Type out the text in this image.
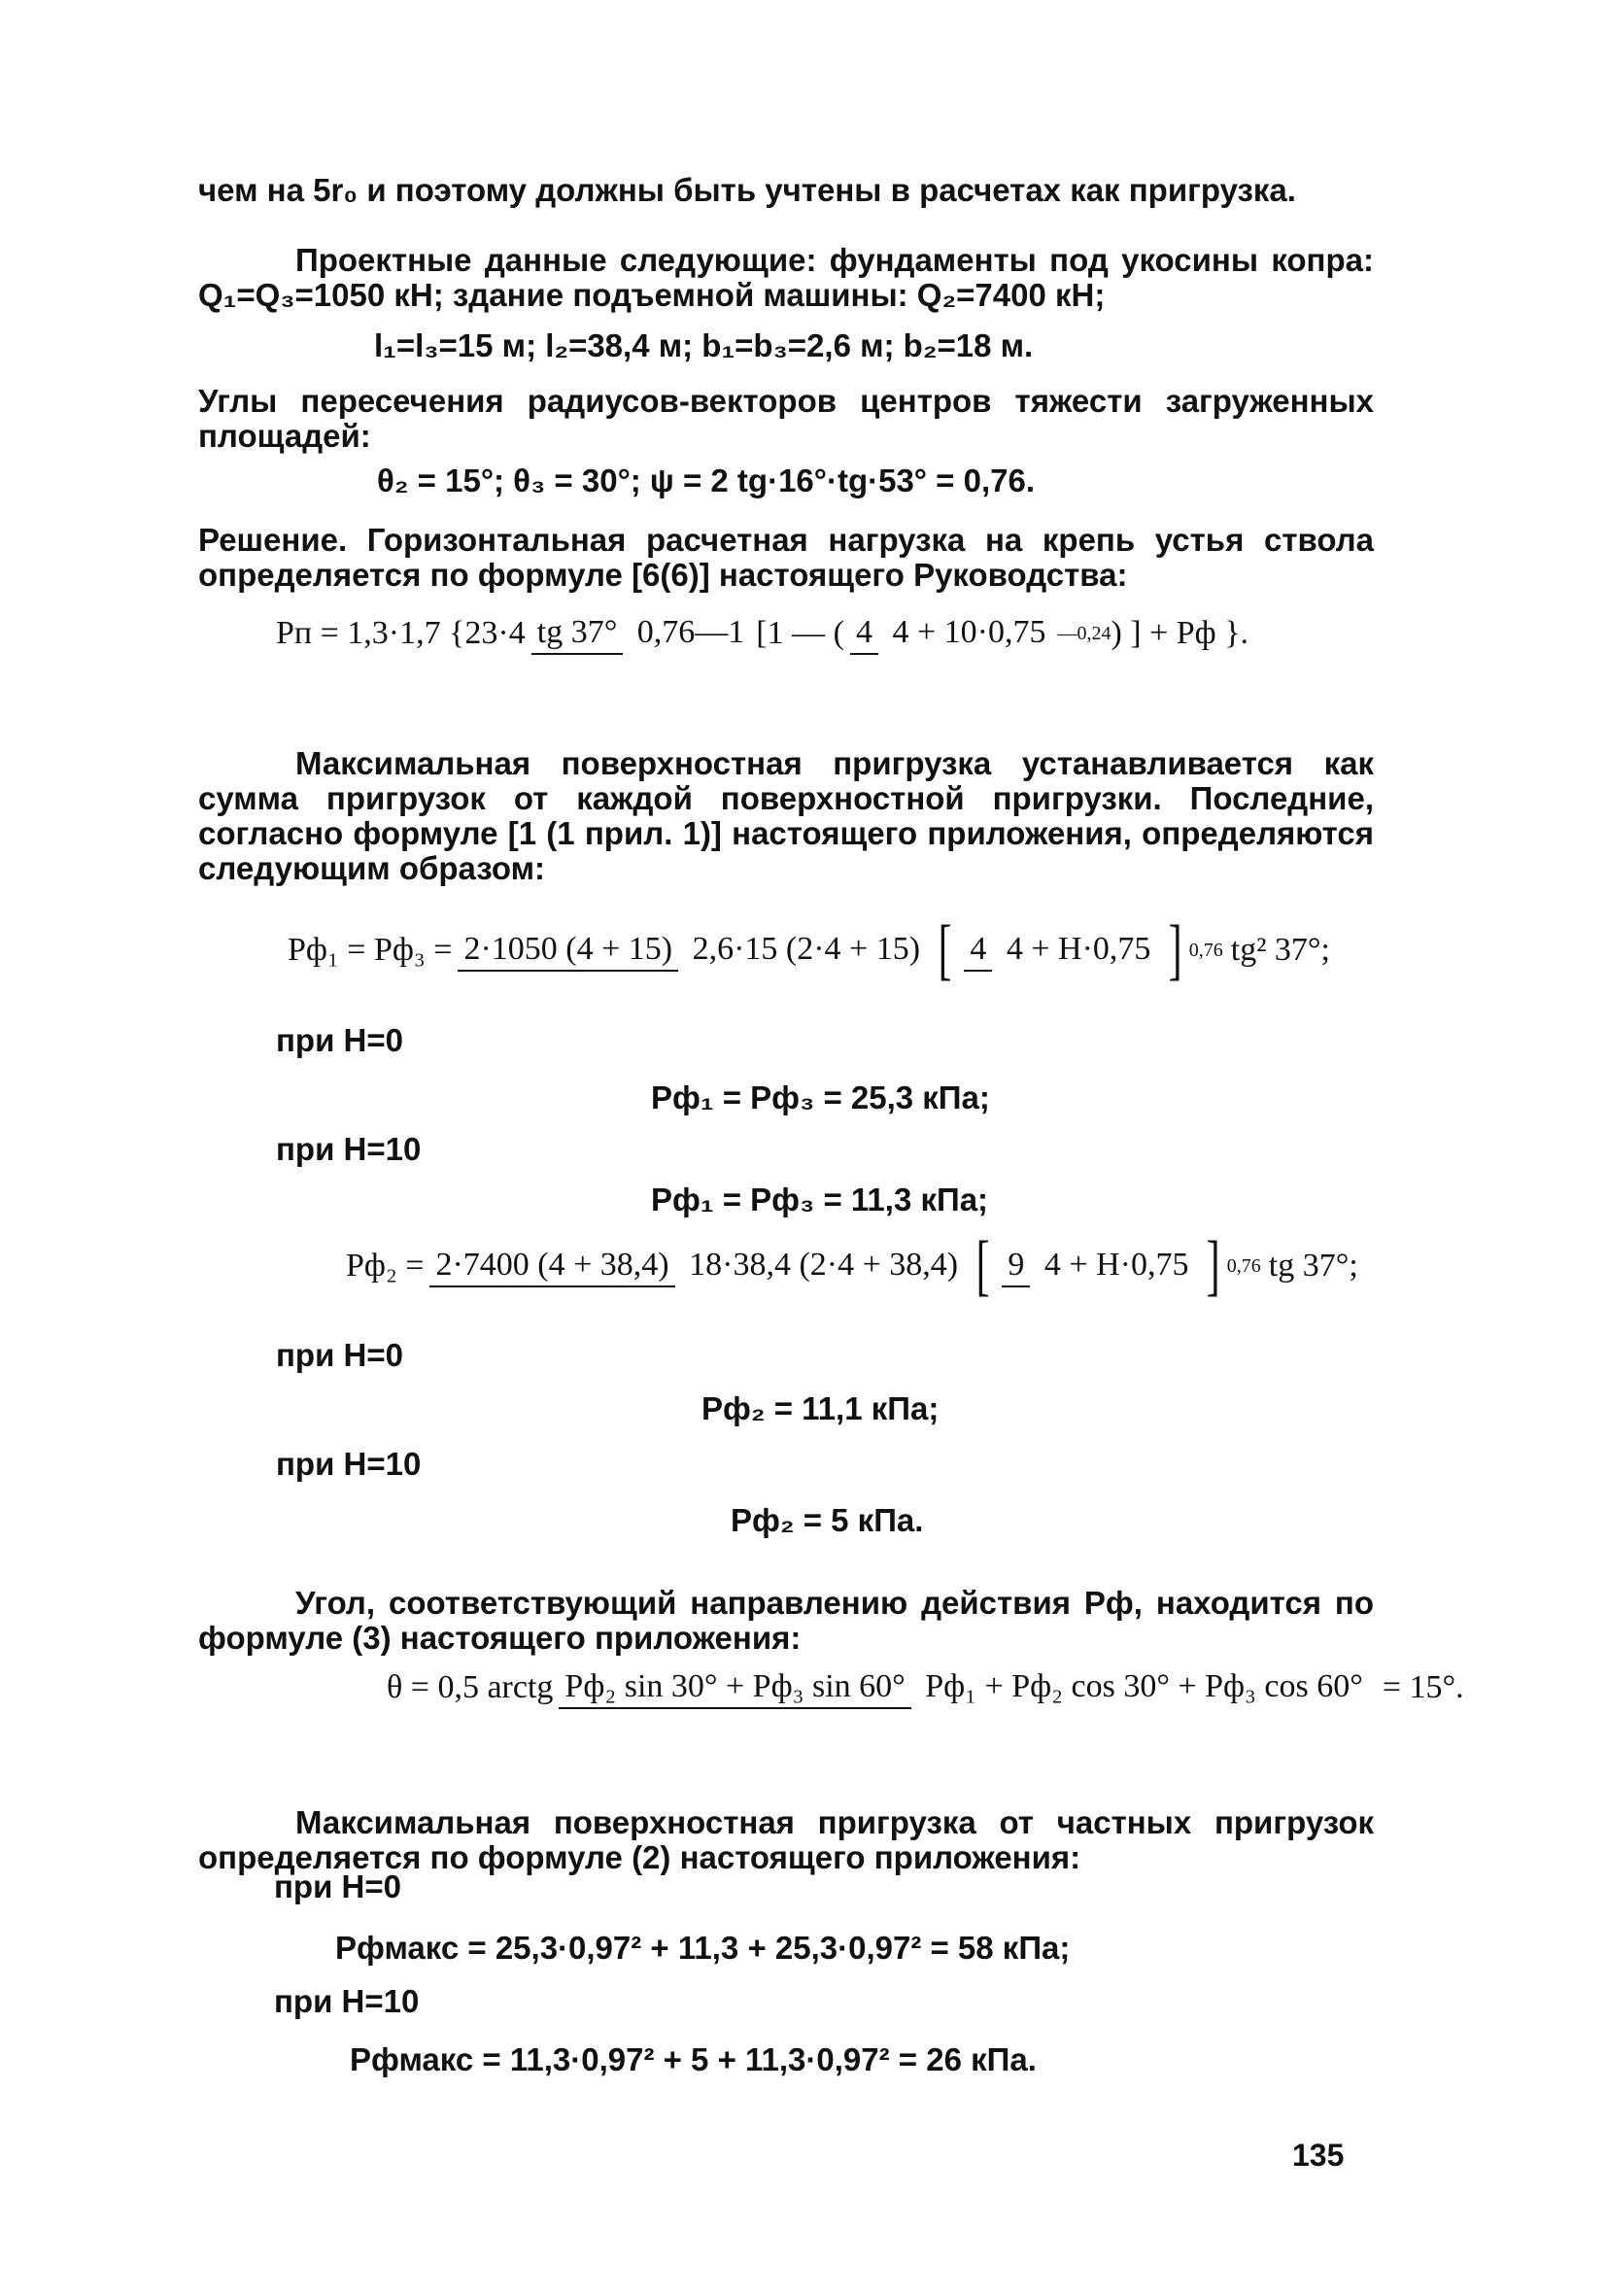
чем на 5r₀ и поэтому должны быть учтены в расчетах как пригрузка.
Проектные данные следующие: фундаменты под укосины копра: Q₁=Q₃=1050 кН; здание подъемной машины: Q₂=7400 кН;
l₁=l₃=15 м; l₂=38,4 м; b₁=b₃=2,6 м; b₂=18 м.
Углы пересечения радиусов-векторов центров тяжести загруженных площадей:
θ₂ = 15°; θ₃ = 30°; ψ = 2 tg·16°·tg·53° = 0,76.
Решение. Горизонтальная расчетная нагрузка на крепь устья ствола определяется по формуле [6(6)] настоящего Руководства:
Pп = 1,3·1,7 {23·4 tg 37° 0,76—1 [1 — ( 4 4 + 10·0,75 —0,24 ) ] + Pф }.
Максимальная поверхностная пригрузка устанавливается как сумма пригрузок от каждой поверхностной пригрузки. Последние, согласно формуле [1 (1 прил. 1)] настоящего приложения, определяются следующим образом:
Pф₁ = Pф₃ = 2·1050 (4 + 15) 2,6·15 (2·4 + 15) [ 4 4 + H·0,75 ] 0,76 tg² 37°;
при H=0
Pф₁ = Pф₃ = 25,3 кПа;
при H=10
Pф₁ = Pф₃ = 11,3 кПа;
Pф₂ = 2·7400 (4 + 38,4) 18·38,4 (2·4 + 38,4) [ 9 4 + H·0,75 ] 0,76 tg 37°;
при H=0
Pф₂ = 11,1 кПа;
при H=10
Pф₂ = 5 кПа.
Угол, соответствующий направлению действия Pф, находится по формуле (3) настоящего приложения:
θ = 0,5 arctg Pф₂ sin 30° + Pф₃ sin 60° Pф₁ + Pф₂ cos 30° + Pф₃ cos 60° = 15°.
Максимальная поверхностная пригрузка от частных пригрузок определяется по формуле (2) настоящего приложения:
при H=0
Pфмакс = 25,3·0,97² + 11,3 + 25,3·0,97² = 58 кПа;
при H=10
Pфмакс = 11,3·0,97² + 5 + 11,3·0,97² = 26 кПа.
135
